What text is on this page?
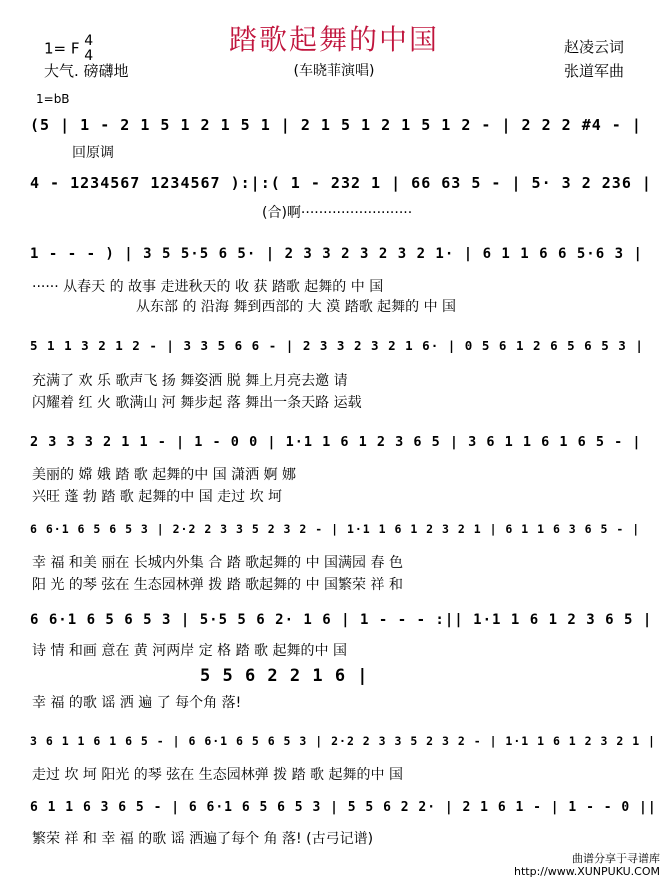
1= F 4
4
大气. 磅礴地
踏歌起舞的中国
(车晓菲演唱)
赵凌云词
张道军曲
1=bB
(5 | 1 - 2 1 5 1 2 1 5 1 | 2 1 5 1 2 1 5 1 2 - | 2 2 2 #4 - |
回原调
4 - 1234567 1234567 ):|:( 1 - 232 1 | 66 63 5 - | 5· 3 2 236 |
(合)啊·························
1 - - - ) | 3 5 5·5 6 5· | 2 3 3 2 3 2 3 2 1· | 6 1 1 6 6 5·6 3 |
······ 从春天 的 故事 走进秋天的 收 获 踏歌 起舞的 中 国
从东部 的 沿海 舞到西部的 大 漠 踏歌 起舞的 中 国
5 1 1 3 2 1 2 - | 3 3 5 6 6 - | 2 3 3 2 3 2 1 6· | 0 5 6 1 2 6 5 6 5 3 |
充满了 欢 乐 歌声飞 扬 舞姿洒 脱 舞上月亮去邀 请
闪耀着 红 火 歌满山 河 舞步起 落 舞出一条天路 运载
2 3 3 3 2 1 1 - | 1 - 0 0 | 1·1 1 6 1 2 3 6 5 | 3 6 1 1 6 1 6 5 - |
美丽的 嫦 娥 踏 歌 起舞的中 国 潇洒 婀 娜
兴旺 蓬 勃 踏 歌 起舞的中 国 走过 坎 坷
6 6·1 6 5 6 5 3 | 2·2 2 3 3 5 2 3 2 - | 1·1 1 6 1 2 3 2 1 | 6 1 1 6 3 6 5 - |
幸 福 和美 丽在 长城内外集 合 踏 歌起舞的 中 国满园 春 色
阳 光 的琴 弦在 生态园林弹 拨 踏 歌起舞的 中 国繁荣 祥 和
6 6·1 6 5 6 5 3 | 5·5 5 6 2· 1 6 | 1 - - - :|| 1·1 1 6 1 2 3 6 5 |
诗 情 和画 意在 黄 河两岸 定 格 踏 歌 起舞的中 国
5 5 6 2 2 1 6 |
幸 福 的歌 谣 洒 遍 了 每个角 落!
3 6 1 1 6 1 6 5 - | 6 6·1 6 5 6 5 3 | 2·2 2 3 3 5 2 3 2 - | 1·1 1 6 1 2 3 2 1 |
走过 坎 坷 阳光 的琴 弦在 生态园林弹 拨 踏 歌 起舞的中 国
6 1 1 6 3 6 5 - | 6 6·1 6 5 6 5 3 | 5 5 6 2 2· | 2 1 6 1 - | 1 - - 0 ||
繁荣 祥 和 幸 福 的歌 谣 洒遍了每个 角 落! (古弓记谱)
曲谱分享于寻谱库
http://www.XUNPUKU.COM
